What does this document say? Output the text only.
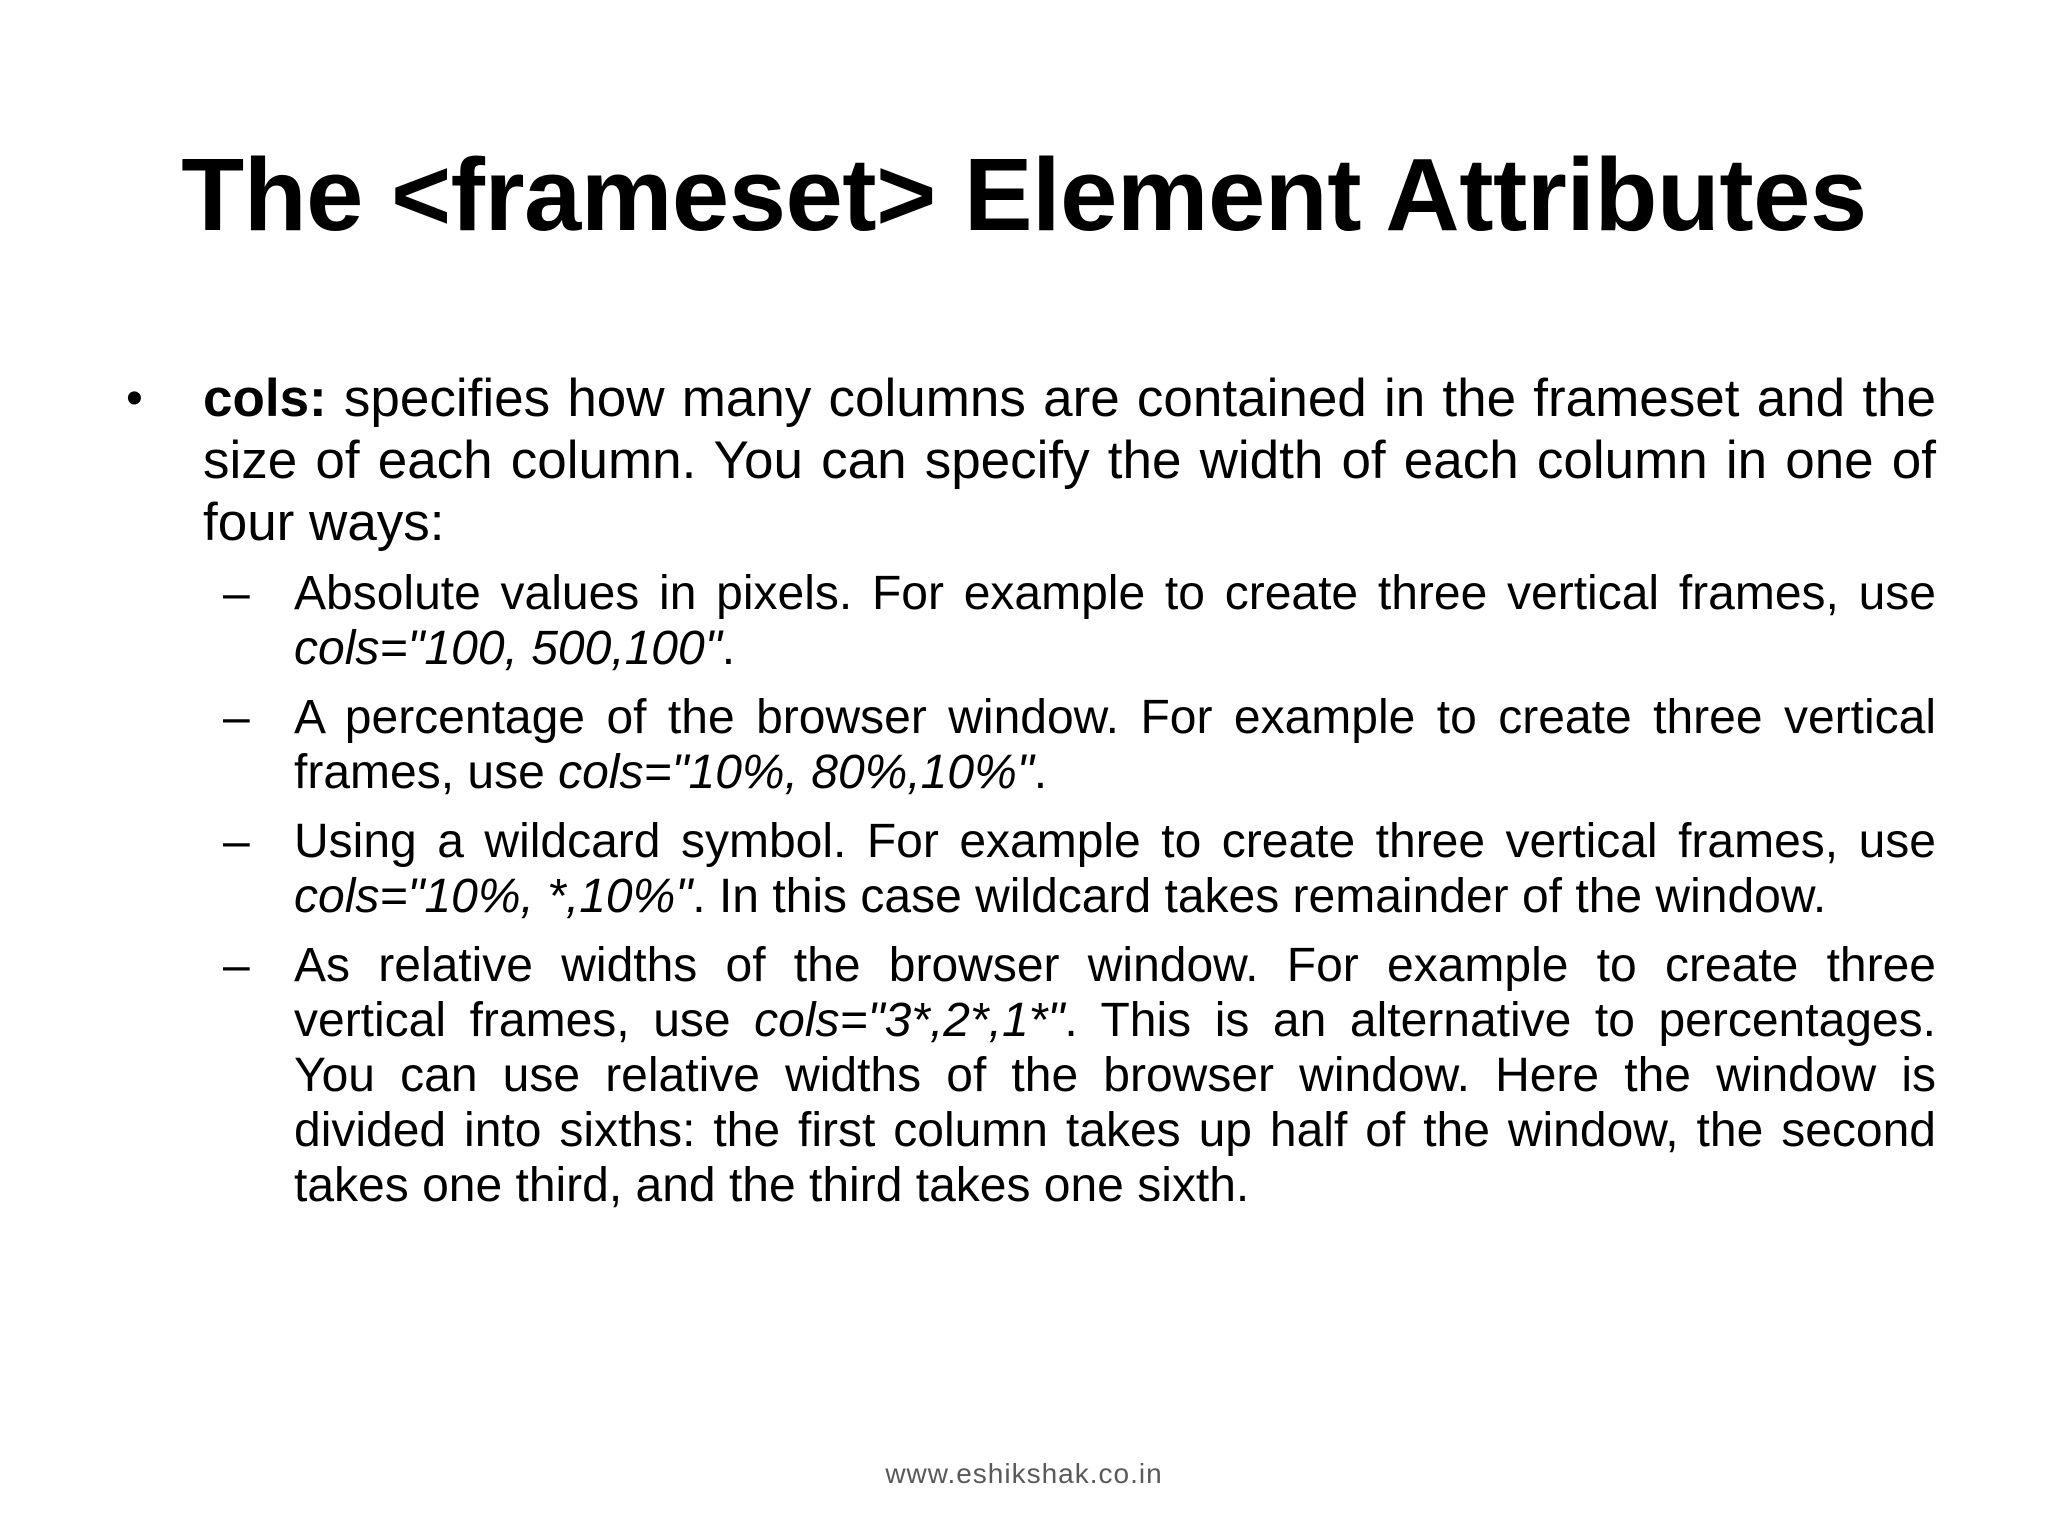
The <frameset> Element Attributes
• cols: specifies how many columns are contained in the frameset and the size of each column. You can specify the width of each column in one of four ways:
– Absolute values in pixels. For example to create three vertical frames, use cols="100, 500,100".
– A percentage of the browser window. For example to create three vertical frames, use cols="10%, 80%,10%".
– Using a wildcard symbol. For example to create three vertical frames, use cols="10%, *,10%". In this case wildcard takes remainder of the window.
– As relative widths of the browser window. For example to create three vertical frames, use cols="3*,2*,1*". This is an alternative to percentages. You can use relative widths of the browser window. Here the window is divided into sixths: the first column takes up half of the window, the second takes one third, and the third takes one sixth.
www.eshikshak.co.in
